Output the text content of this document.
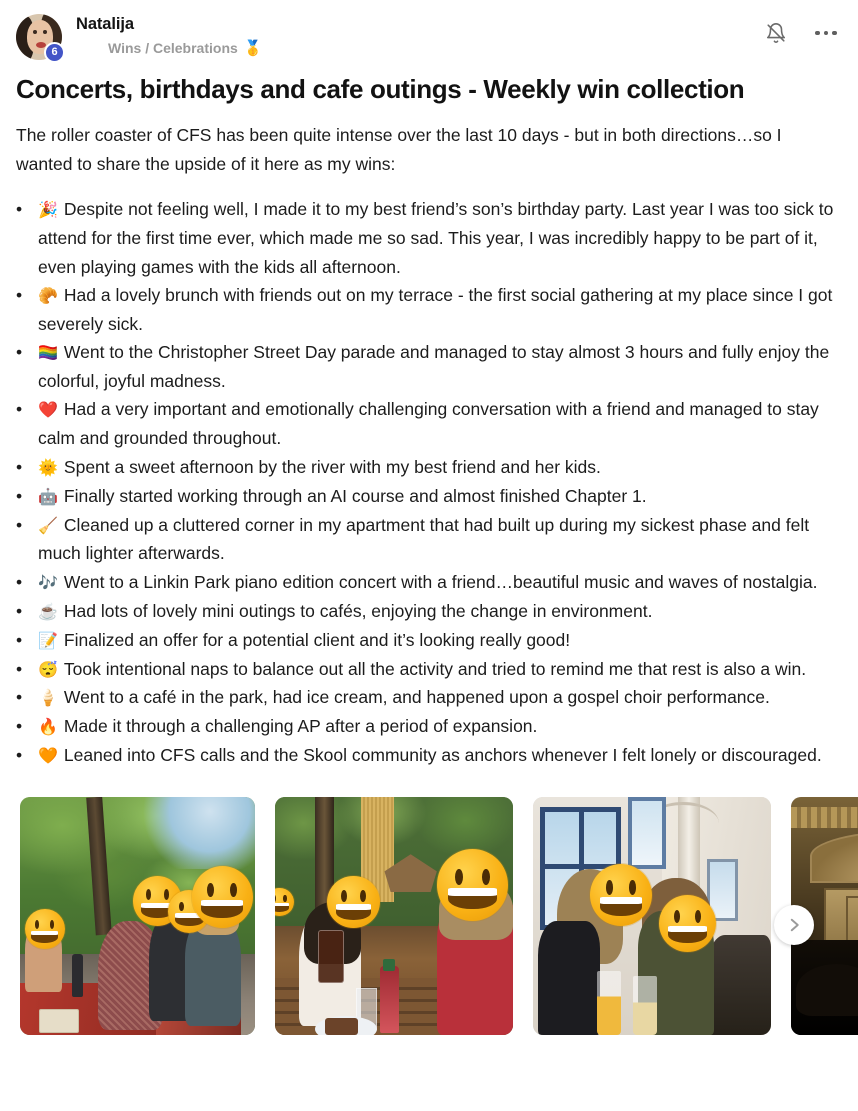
6
Natalija
Wins / Celebrations 🥇
Concerts, birthdays and cafe outings - Weekly win collection

The roller coaster of CFS has been quite intense over the last 10 days - but in both directions…so I wanted to share the upside of it here as my wins:

• 🎉 Despite not feeling well, I made it to my best friend’s son’s birthday party. Last year I was too sick to attend for the first time ever, which made me so sad. This year, I was incredibly happy to be part of it, even playing games with the kids all afternoon.
• 🥐 Had a lovely brunch with friends out on my terrace - the first social gathering at my place since I got severely sick.
• 🏳️‍🌈 Went to the Christopher Street Day parade and managed to stay almost 3 hours and fully enjoy the colorful, joyful madness.
• ❤️ Had a very important and emotionally challenging conversation with a friend and managed to stay calm and grounded throughout.
• 🌞 Spent a sweet afternoon by the river with my best friend and her kids.
• 🤖 Finally started working through an AI course and almost finished Chapter 1.
• 🧹 Cleaned up a cluttered corner in my apartment that had built up during my sickest phase and felt much lighter afterwards.
• 🎶 Went to a Linkin Park piano edition concert with a friend…beautiful music and waves of nostalgia.
• ☕ Had lots of lovely mini outings to cafés, enjoying the change in environment.
• 📝 Finalized an offer for a potential client and it’s looking really good!
• 😴 Took intentional naps to balance out all the activity and tried to remind me that rest is also a win.
• 🍦 Went to a café in the park, had ice cream, and happened upon a gospel choir performance.
• 🔥 Made it through a challenging AP after a period of expansion.
• 🧡 Leaned into CFS calls and the Skool community as anchors whenever I felt lonely or discouraged.
